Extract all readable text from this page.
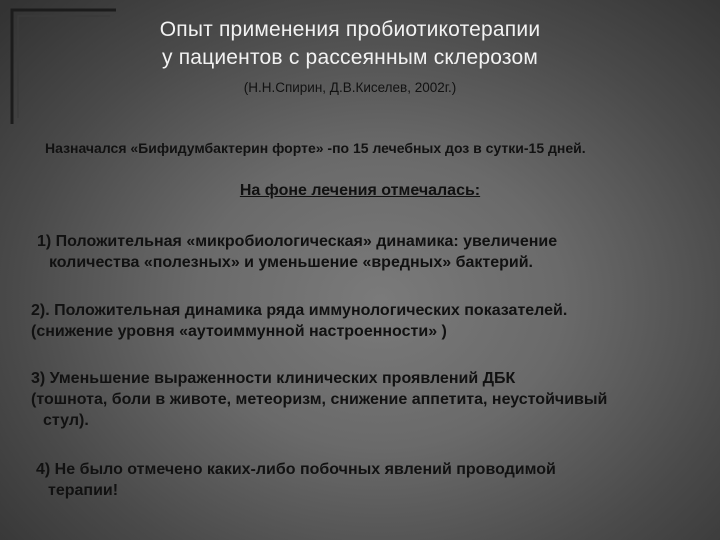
Опыт применения пробиотикотерапии
у пациентов с рассеянным склерозом
(Н.Н.Спирин, Д.В.Киселев, 2002г.)
Назначался «Бифидумбактерин форте» -по 15 лечебных доз в сутки-15 дней.
На фоне лечения отмечалась:
1) Положительная «микробиологическая» динамика: увеличение
количества «полезных» и уменьшение «вредных» бактерий.
2). Положительная динамика ряда иммунологических показателей.
(снижение уровня «аутоиммунной настроенности» )
3) Уменьшение выраженности клинических проявлений ДБК
(тошнота, боли в животе, метеоризм, снижение аппетита, неустойчивый
стул).
4) Не было отмечено каких-либо побочных явлений проводимой
терапии!
